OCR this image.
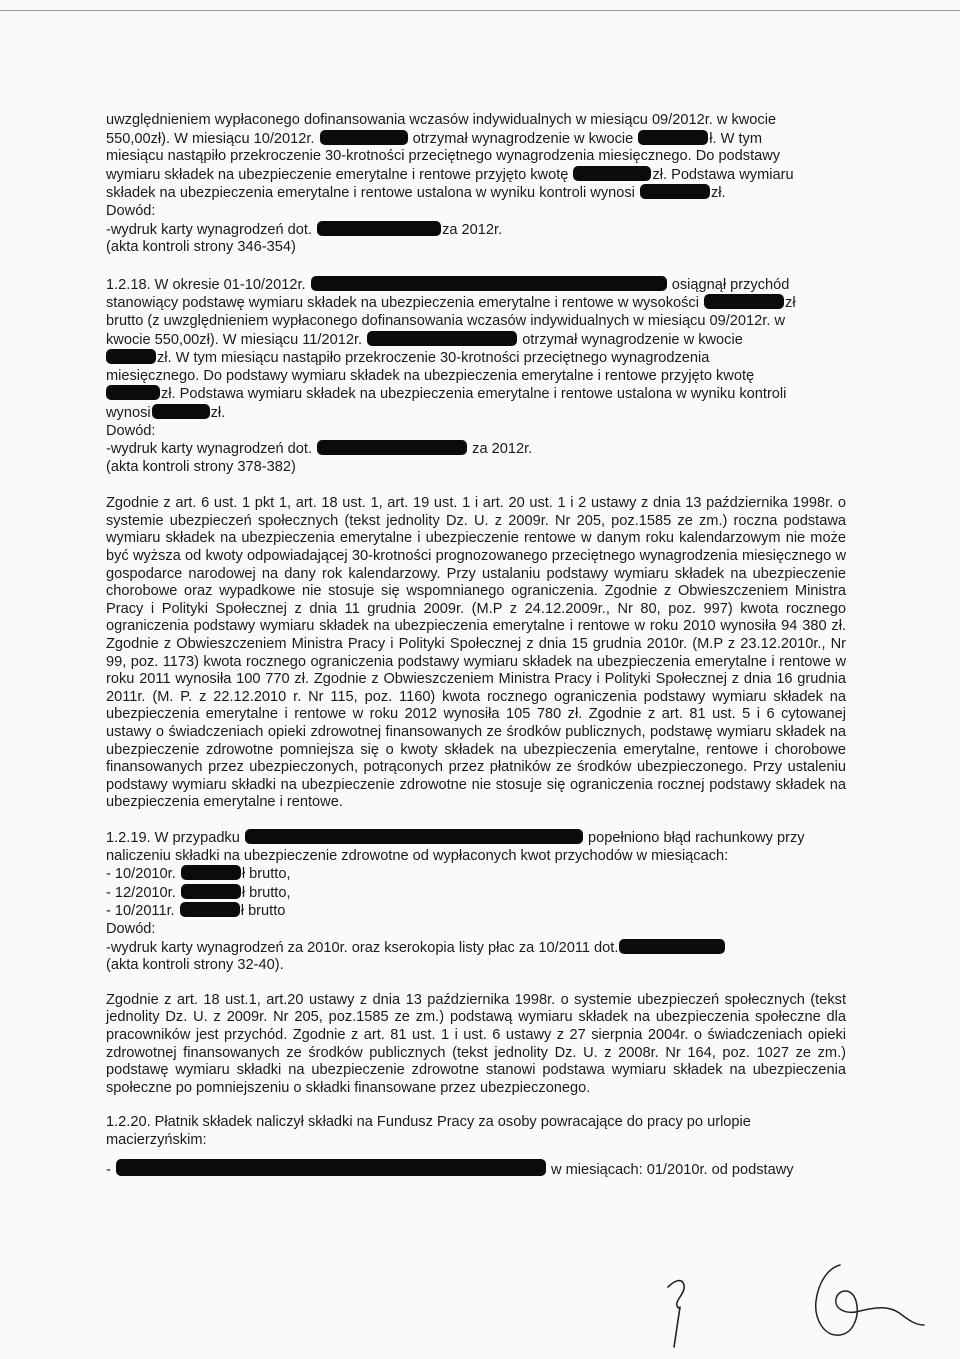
uwzględnieniem wypłaconego dofinansowania wczasów indywidualnych w miesiącu 09/2012r. w kwocie

550,00zł). W miesiącu 10/2012r.	otrzymał wynagrodzenie w kwocie	ł. W tym

miesiącu nastąpiło przekroczenie 30-krotności przeciętnego wynagrodzenia miesięcznego. Do podstawy

wymiaru składek na ubezpieczenie emerytalne i rentowe przyjęto kwotę	zł. Podstawa wymiaru

składek na ubezpieczenia emerytalne i rentowe ustalona w wyniku kontroli wynosi	zł.

Dowód:

-wydruk karty wynagrodzeń dot.	za 2012r.

(akta kontroli strony 346-354)

1.2.18. W okresie 01-10/2012r.	osiągnął przychód

stanowiący podstawę wymiaru składek na ubezpieczenia emerytalne i rentowe w wysokości	zł

brutto (z uwzględnieniem wypłaconego dofinansowania wczasów indywidualnych w miesiącu 09/2012r. w

kwocie 550,00zł). W miesiącu 11/2012r.	otrzymał wynagrodzenie w kwocie

zł. W tym miesiącu nastąpiło przekroczenie 30-krotności przeciętnego wynagrodzenia

miesięcznego. Do podstawy wymiaru składek na ubezpieczenia emerytalne i rentowe przyjęto kwotę

zł. Podstawa wymiaru składek na ubezpieczenia emerytalne i rentowe ustalona w wyniku kontroli

wynosi	zł.

Dowód:

-wydruk karty wynagrodzeń dot.	za 2012r.

(akta kontroli strony 378-382)

Zgodnie z art. 6 ust. 1 pkt 1, art. 18 ust. 1, art. 19 ust. 1 i art. 20 ust. 1 i 2 ustawy z dnia 13 października 1998r. o systemie ubezpieczeń społecznych (tekst jednolity Dz. U. z 2009r. Nr 205, poz.1585 ze zm.) roczna podstawa wymiaru składek na ubezpieczenia emerytalne i ubezpieczenie rentowe w danym roku kalendarzowym nie może być wyższa od kwoty odpowiadającej 30-krotności prognozowanego przeciętnego wynagrodzenia miesięcznego w gospodarce narodowej na dany rok kalendarzowy. Przy ustalaniu podstawy wymiaru składek na ubezpieczenie chorobowe oraz wypadkowe nie stosuje się wspomnianego ograniczenia. Zgodnie z Obwieszczeniem Ministra Pracy i Polityki Społecznej z dnia 11 grudnia 2009r. (M.P z 24.12.2009r., Nr 80, poz. 997) kwota rocznego ograniczenia podstawy wymiaru składek na ubezpieczenia emerytalne i rentowe w roku 2010 wynosiła 94 380 zł. Zgodnie z Obwieszczeniem Ministra Pracy i Polityki Społecznej z dnia 15 grudnia 2010r. (M.P z 23.12.2010r., Nr 99, poz. 1173) kwota rocznego ograniczenia podstawy wymiaru składek na ubezpieczenia emerytalne i rentowe w roku 2011 wynosiła 100 770 zł. Zgodnie z Obwieszczeniem Ministra Pracy i Polityki Społecznej z dnia 16 grudnia 2011r. (M. P. z 22.12.2010 r. Nr 115, poz. 1160) kwota rocznego ograniczenia podstawy wymiaru składek na ubezpieczenia emerytalne i rentowe w roku 2012 wynosiła 105 780 zł. Zgodnie z art. 81 ust. 5 i 6 cytowanej ustawy o świadczeniach opieki zdrowotnej finansowanych ze środków publicznych, podstawę wymiaru składek na ubezpieczenie zdrowotne pomniejsza się o kwoty składek na ubezpieczenia emerytalne, rentowe i chorobowe finansowanych przez ubezpieczonych, potrąconych przez płatników ze środków ubezpieczonego. Przy ustaleniu podstawy wymiaru składki na ubezpieczenie zdrowotne nie stosuje się ograniczenia rocznej podstawy składek na ubezpieczenia emerytalne i rentowe.

1.2.19. W przypadku	popełniono błąd rachunkowy przy

naliczeniu składki na ubezpieczenie zdrowotne od wypłaconych kwot przychodów w miesiącach:

- 10/2010r.	ł brutto,

- 12/2010r.	ł brutto,

- 10/2011r.	ł brutto

Dowód:

-wydruk karty wynagrodzeń za 2010r. oraz kserokopia listy płac za 10/2011 dot.

(akta kontroli strony 32-40).

Zgodnie z art. 18 ust.1, art.20 ustawy z dnia 13 października 1998r. o systemie ubezpieczeń społecznych (tekst jednolity Dz. U. z 2009r. Nr 205, poz.1585 ze zm.) podstawą wymiaru składek na ubezpieczenia społeczne dla pracowników jest przychód. Zgodnie z art. 81 ust. 1 i ust. 6 ustawy z 27 sierpnia 2004r. o świadczeniach opieki zdrowotnej finansowanych ze środków publicznych (tekst jednolity Dz. U. z 2008r. Nr 164, poz. 1027 ze zm.) podstawę wymiaru składki na ubezpieczenie zdrowotne stanowi podstawa wymiaru składek na ubezpieczenia społeczne po pomniejszeniu o składki finansowane przez ubezpieczonego.

1.2.20. Płatnik składek naliczył składki na Fundusz Pracy za osoby powracające do pracy po urlopie macierzyńskim:

-	w miesiącach: 01/2010r. od podstawy
